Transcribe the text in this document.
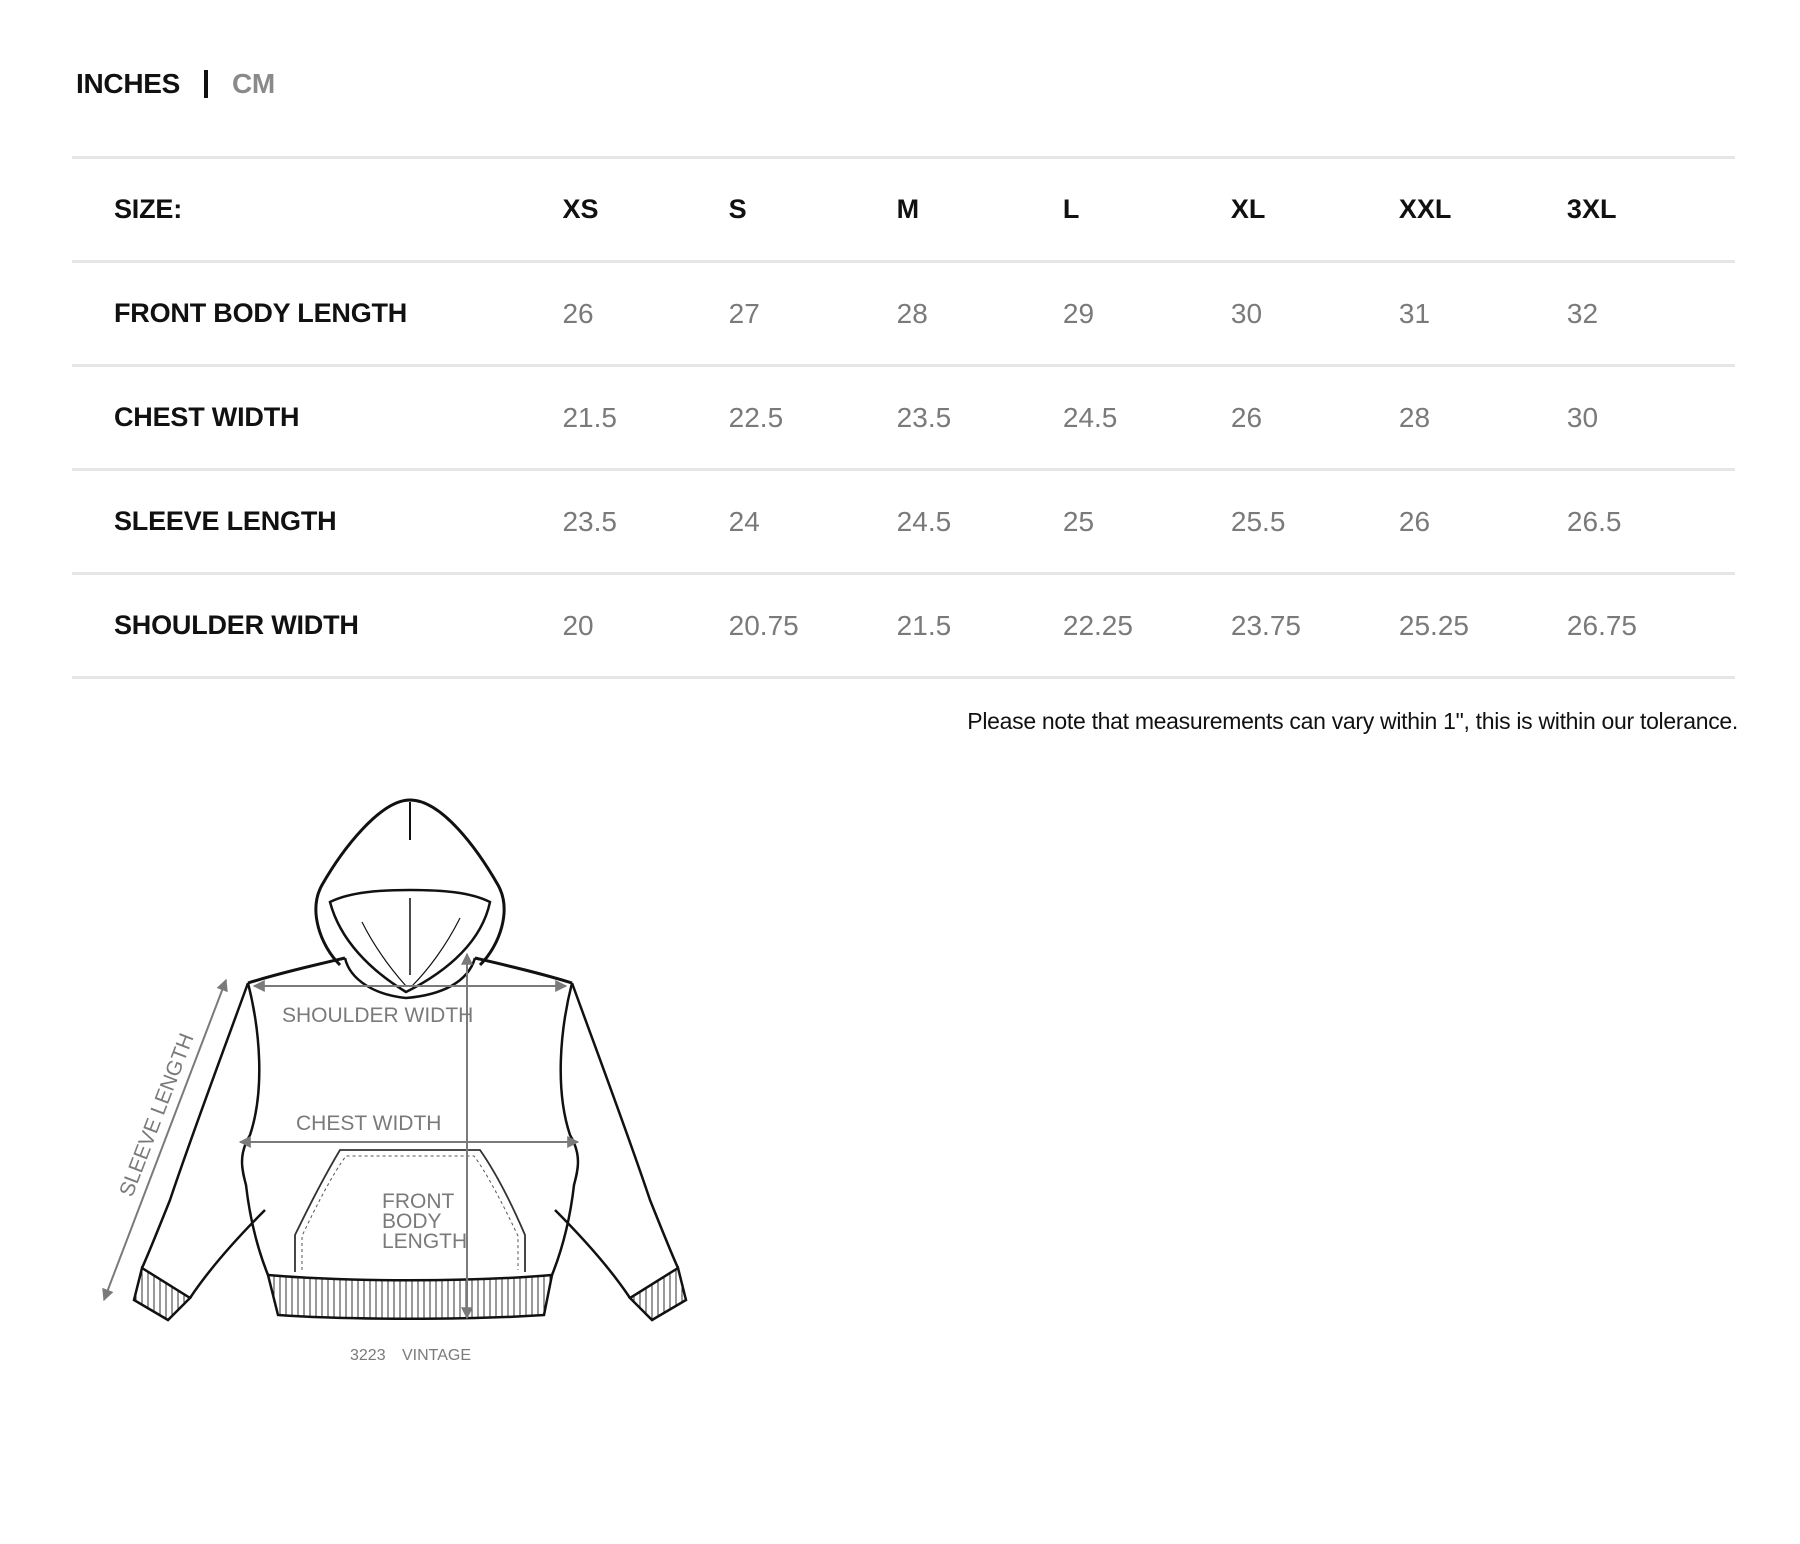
INCHES CM
SIZE:	XS	S	M	L	XL	XXL	3XL
FRONT BODY LENGTH	26	27	28	29	30	31	32
CHEST WIDTH	21.5	22.5	23.5	24.5	26	28	30
SLEEVE LENGTH	23.5	24	24.5	25	25.5	26	26.5
SHOULDER WIDTH	20	20.75	21.5	22.25	23.75	25.25	26.75
Please note that measurements can vary within 1", this is within our tolerance.
SHOULDER WIDTH
CHEST WIDTH
FRONT
BODY
LENGTH
SLEEVE LENGTH
3223 VINTAGE
